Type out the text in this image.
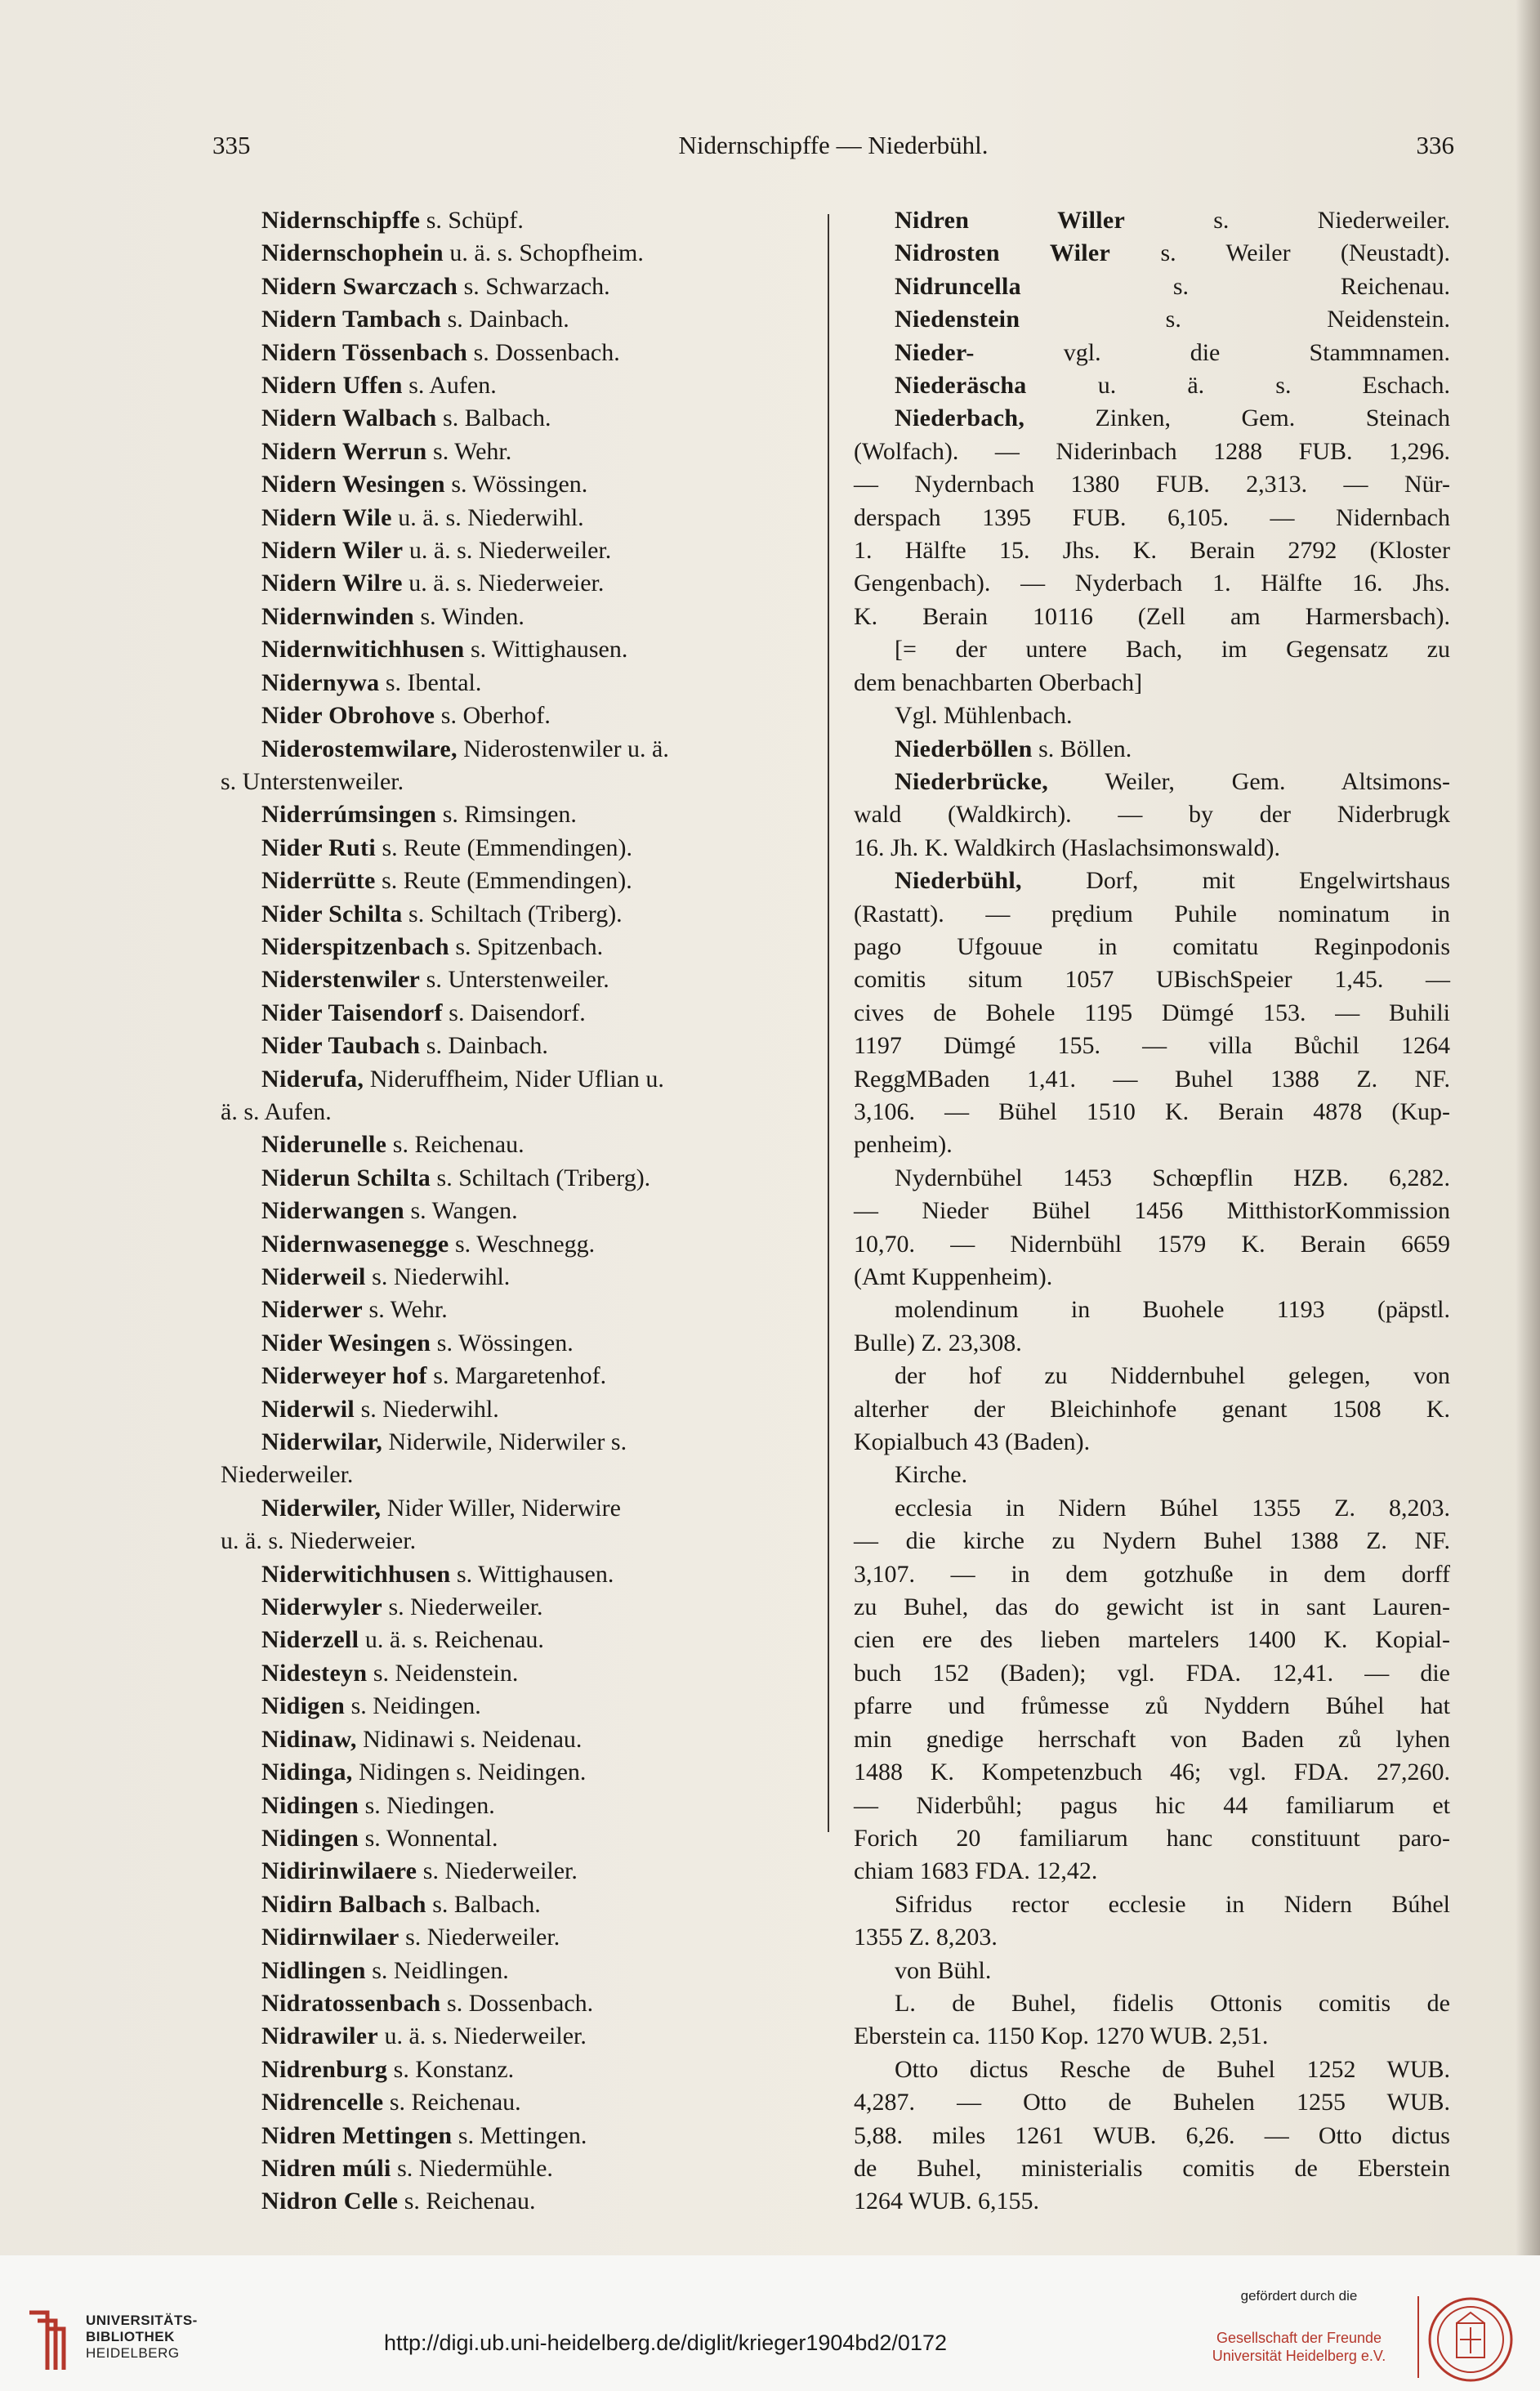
335	Nidernschipffe — Niederbühl.	336
Nidernschipffe s. Schüpf.
Nidernschophein u. ä. s. Schopfheim.
Nidern Swarczach s. Schwarzach.
Nidern Tambach s. Dainbach.
Nidern Tössenbach s. Dossenbach.
Nidern Uffen s. Aufen.
Nidern Walbach s. Balbach.
Nidern Werrun s. Wehr.
Nidern Wesingen s. Wössingen.
Nidern Wile u. ä. s. Niederwihl.
Nidern Wiler u. ä. s. Niederweiler.
Nidern Wilre u. ä. s. Niederweier.
Nidernwinden s. Winden.
Nidernwitichhusen s. Wittighausen.
Nidernywa s. Ibental.
Nider Obrohove s. Oberhof.
Niderostemwilare, Niderostenwiler u. ä.
s. Unterstenweiler.
Niderrúmsingen s. Rimsingen.
Nider Ruti s. Reute (Emmendingen).
Niderrütte s. Reute (Emmendingen).
Nider Schilta s. Schiltach (Triberg).
Niderspitzenbach s. Spitzenbach.
Niderstenwiler s. Unterstenweiler.
Nider Taisendorf s. Daisendorf.
Nider Taubach s. Dainbach.
Niderufa, Nideruffheim, Nider Uflian u.
ä. s. Aufen.
Niderunelle s. Reichenau.
Niderun Schilta s. Schiltach (Triberg).
Niderwangen s. Wangen.
Nidernwasenegge s. Weschnegg.
Niderweil s. Niederwihl.
Niderwer s. Wehr.
Nider Wesingen s. Wössingen.
Niderweyer hof s. Margaretenhof.
Niderwil s. Niederwihl.
Niderwilar, Niderwile, Niderwiler s.
Niederweiler.
Niderwiler, Nider Willer, Niderwire
u. ä. s. Niederweier.
Niderwitichhusen s. Wittighausen.
Niderwyler s. Niederweiler.
Niderzell u. ä. s. Reichenau.
Nidesteyn s. Neidenstein.
Nidigen s. Neidingen.
Nidinaw, Nidinawi s. Neidenau.
Nidinga, Nidingen s. Neidingen.
Nidingen s. Niedingen.
Nidingen s. Wonnental.
Nidirinwilaere s. Niederweiler.
Nidirn Balbach s. Balbach.
Nidirnwilaer s. Niederweiler.
Nidlingen s. Neidlingen.
Nidratossenbach s. Dossenbach.
Nidrawiler u. ä. s. Niederweiler.
Nidrenburg s. Konstanz.
Nidrencelle s. Reichenau.
Nidren Mettingen s. Mettingen.
Nidren múli s. Niedermühle.
Nidron Celle s. Reichenau.
Nidren Willer s. Niederweiler.
Nidrosten Wiler s. Weiler (Neustadt).
Nidruncella s. Reichenau.
Niedenstein s. Neidenstein.
Nieder- vgl. die Stammnamen.
Niederäscha u. ä. s. Eschach.
Niederbach, Zinken, Gem. Steinach
(Wolfach). — Niderinbach 1288 FUB. 1,296.
— Nydernbach 1380 FUB. 2,313. — Nür-
derspach 1395 FUB. 6,105. — Nidernbach
1. Hälfte 15. Jhs. K. Berain 2792 (Kloster
Gengenbach). — Nyderbach 1. Hälfte 16. Jhs.
K. Berain 10116 (Zell am Harmersbach).
[= der untere Bach, im Gegensatz zu
dem benachbarten Oberbach]
Vgl. Mühlenbach.
Niederböllen s. Böllen.
Niederbrücke, Weiler, Gem. Altsimons-
wald (Waldkirch). — by der Niderbrugk
16. Jh. K. Waldkirch (Haslachsimonswald).
Niederbühl, Dorf, mit Engelwirtshaus
(Rastatt). — prędium Puhile nominatum in
pago Ufgouue in comitatu Reginpodonis
comitis situm 1057 UBischSpeier 1,45. —
cives de Bohele 1195 Dümgé 153. — Buhili
1197 Dümgé 155. — villa Bůchil 1264
ReggMBaden 1,41. — Buhel 1388 Z. NF.
3,106. — Bühel 1510 K. Berain 4878 (Kup-
penheim).
Nydernbühel 1453 Schœpflin HZB. 6,282.
— Nieder Bühel 1456 MitthistorKommission
10,70. — Nidernbühl 1579 K. Berain 6659
(Amt Kuppenheim).
molendinum in Buohele 1193 (päpstl.
Bulle) Z. 23,308.
der hof zu Niddernbuhel gelegen, von
alterher der Bleichinhofe genant 1508 K.
Kopialbuch 43 (Baden).
Kirche.
ecclesia in Nidern Búhel 1355 Z. 8,203.
— die kirche zu Nydern Buhel 1388 Z. NF.
3,107. — in dem gotzhuße in dem dorff
zu Buhel, das do gewicht ist in sant Lauren-
cien ere des lieben martelers 1400 K. Kopial-
buch 152 (Baden); vgl. FDA. 12,41. — die
pfarre und frůmesse zů Nyddern Búhel hat
min gnedige herrschaft von Baden zů lyhen
1488 K. Kompetenzbuch 46; vgl. FDA. 27,260.
— Niderbůhl; pagus hic 44 familiarum et
Forich 20 familiarum hanc constituunt paro-
chiam 1683 FDA. 12,42.
Sifridus rector ecclesie in Nidern Búhel
1355 Z. 8,203.
von Bühl.
L. de Buhel, fidelis Ottonis comitis de
Eberstein ca. 1150 Kop. 1270 WUB. 2,51.
Otto dictus Resche de Buhel 1252 WUB.
4,287. — Otto de Buhelen 1255 WUB.
5,88. miles 1261 WUB. 6,26. — Otto dictus
de Buhel, ministerialis comitis de Eberstein
1264 WUB. 6,155.
UNIVERSITÄTS-
BIBLIOTHEK
HEIDELBERG	http://digi.ub.uni-heidelberg.de/diglit/krieger1904bd2/0172
gefördert durch die
Gesellschaft der Freunde
Universität Heidelberg e.V.
